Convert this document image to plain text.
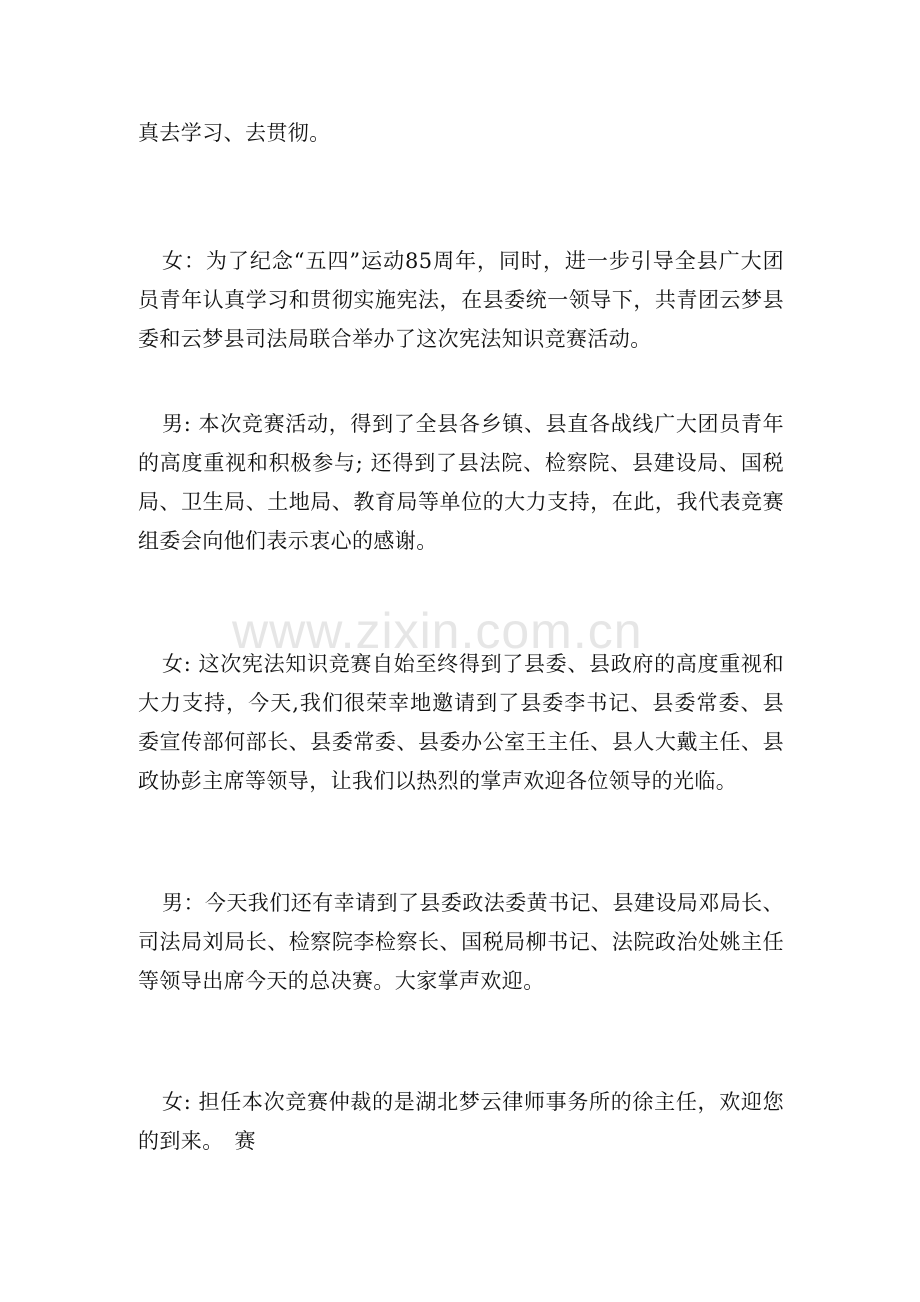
真去学习、去贯彻。

女：为了纪念“五四”运动85周年，同时，进一步引导全县广大团员青年认真学习和贯彻实施宪法，在县委统一领导下，共青团云梦县委和云梦县司法局联合举办了这次宪法知识竞赛活动。

男: 本次竞赛活动，得到了全县各乡镇、县直各战线广大团员青年的高度重视和积极参与; 还得到了县法院、检察院、县建设局、国税局、卫生局、土地局、教育局等单位的大力支持，在此，我代表竞赛组委会向他们表示衷心的感谢。

女: 这次宪法知识竞赛自始至终得到了县委、县政府的高度重视和大力支持，今天,我们很荣幸地邀请到了县委李书记、县委常委、县委宣传部何部长、县委常委、县委办公室王主任、县人大戴主任、县政协彭主席等领导，让我们以热烈的掌声欢迎各位领导的光临。

男：今天我们还有幸请到了县委政法委黄书记、县建设局邓局长、司法局刘局长、检察院李检察长、国税局柳书记、法院政治处姚主任等领导出席今天的总决赛。大家掌声欢迎。

女: 担任本次竞赛仲裁的是湖北梦云律师事务所的徐主任，欢迎您的到来。　赛

www.zixin.com.cn
